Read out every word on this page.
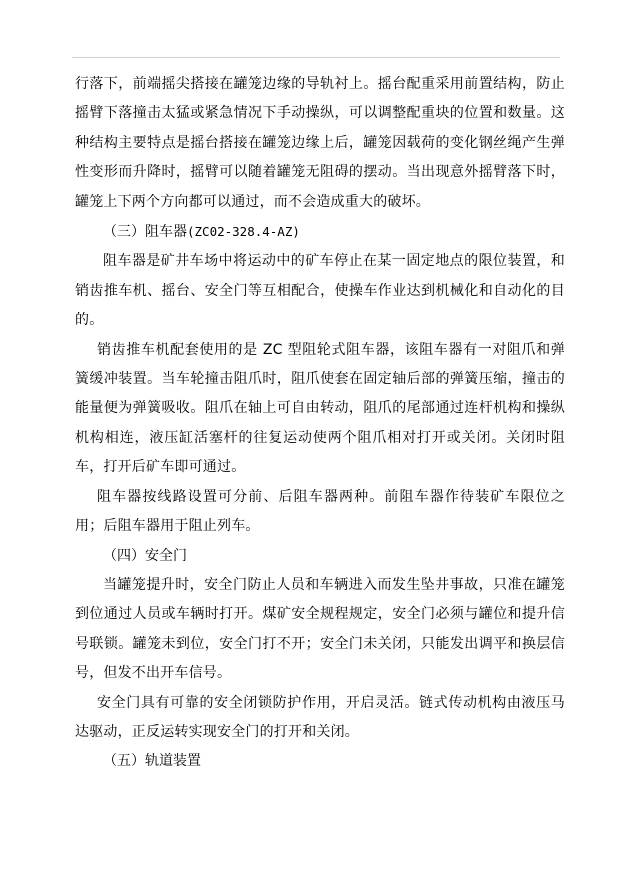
行落下，前端摇尖搭接在罐笼边缘的导轨衬上。摇台配重采用前置结构，防止摇臂下落撞击太猛或紧急情况下手动操纵，可以调整配重块的位置和数量。这种结构主要特点是摇台搭接在罐笼边缘上后，罐笼因载荷的变化钢丝绳产生弹性变形而升降时，摇臂可以随着罐笼无阻碍的摆动。当出现意外摇臂落下时，罐笼上下两个方向都可以通过，而不会造成重大的破坏。

（三）阻车器(ZC02-328.4-AZ)

阻车器是矿井车场中将运动中的矿车停止在某一固定地点的限位装置，和销齿推车机、摇台、安全门等互相配合，使操车作业达到机械化和自动化的目的。

销齿推车机配套使用的是 ZC 型阻轮式阻车器，该阻车器有一对阻爪和弹簧缓冲装置。当车轮撞击阻爪时，阻爪使套在固定轴后部的弹簧压缩，撞击的能量便为弹簧吸收。阻爪在轴上可自由转动，阻爪的尾部通过连杆机构和操纵机构相连，液压缸活塞杆的往复运动使两个阻爪相对打开或关闭。关闭时阻车，打开后矿车即可通过。

阻车器按线路设置可分前、后阻车器两种。前阻车器作待装矿车限位之用；后阻车器用于阻止列车。

（四）安全门

当罐笼提升时，安全门防止人员和车辆进入而发生坠井事故，只准在罐笼到位通过人员或车辆时打开。煤矿安全规程规定，安全门必须与罐位和提升信号联锁。罐笼未到位，安全门打不开；安全门未关闭，只能发出调平和换层信号，但发不出开车信号。

安全门具有可靠的安全闭锁防护作用，开启灵活。链式传动机构由液压马达驱动，正反运转实现安全门的打开和关闭。

（五）轨道装置
